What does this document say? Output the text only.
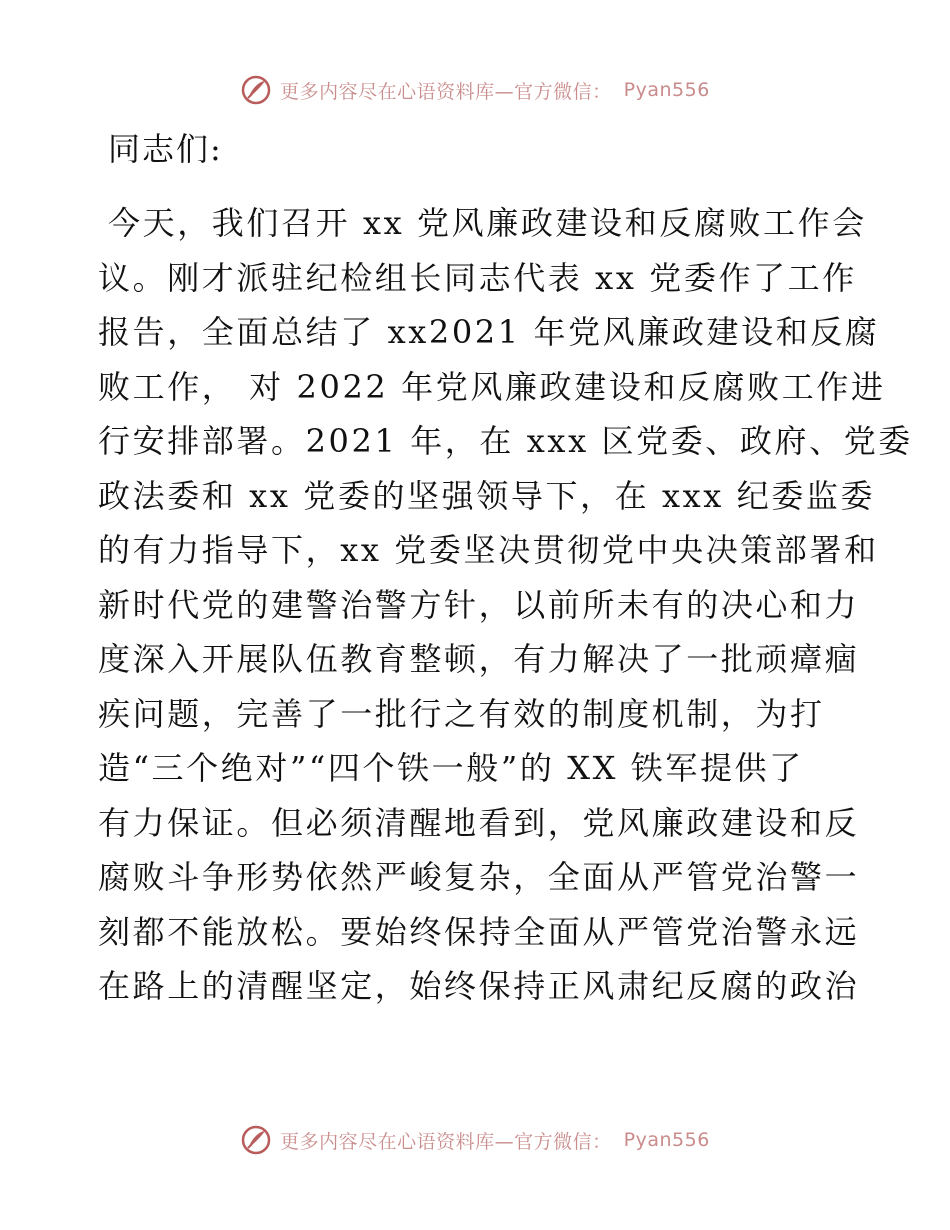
更多内容尽在心语资料库—官方微信： Pyan556

同志们:

今天，我们召开 xx 党风廉政建设和反腐败工作会
议。刚才派驻纪检组长同志代表 xx 党委作了工作
报告，全面总结了 xx2021 年党风廉政建设和反腐
败工作， 对 2022 年党风廉政建设和反腐败工作进
行安排部署。2021 年，在 xxx 区党委、政府、党委
政法委和 xx 党委的坚强领导下，在 xxx 纪委监委
的有力指导下，xx 党委坚决贯彻党中央决策部署和
新时代党的建警治警方针，以前所未有的决心和力
度深入开展队伍教育整顿，有力解决了一批顽瘴痼
疾问题，完善了一批行之有效的制度机制，为打
造“三个绝对”“四个铁一般”的 XX 铁军提供了
有力保证。但必须清醒地看到，党风廉政建设和反
腐败斗争形势依然严峻复杂，全面从严管党治警一
刻都不能放松。要始终保持全面从严管党治警永远
在路上的清醒坚定，始终保持正风肃纪反腐的政治
更多内容尽在心语资料库—官方微信： Pyan556
